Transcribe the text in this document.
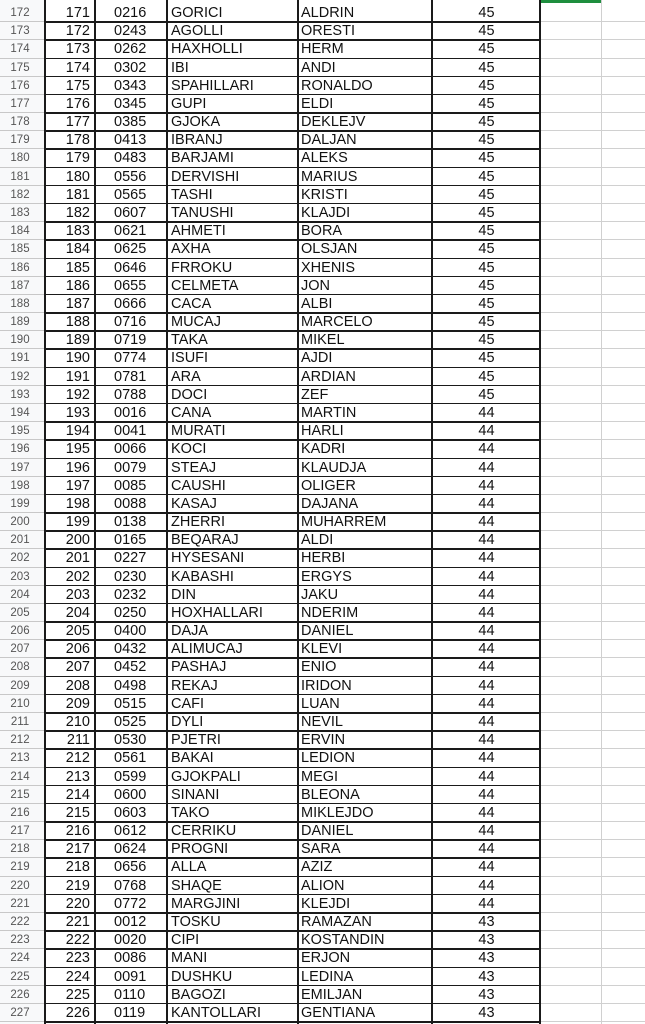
172	171	0216	GORICI	ALDRIN	45
173	172	0243	AGOLLI	ORESTI	45
174	173	0262	HAXHOLLI	HERM	45
175	174	0302	IBI	ANDI	45
176	175	0343	SPAHILLARI	RONALDO	45
177	176	0345	GUPI	ELDI	45
178	177	0385	GJOKA	DEKLEJV	45
179	178	0413	IBRANJ	DALJAN	45
180	179	0483	BARJAMI	ALEKS	45
181	180	0556	DERVISHI	MARIUS	45
182	181	0565	TASHI	KRISTI	45
183	182	0607	TANUSHI	KLAJDI	45
184	183	0621	AHMETI	BORA	45
185	184	0625	AXHA	OLSJAN	45
186	185	0646	FRROKU	XHENIS	45
187	186	0655	CELMETA	JON	45
188	187	0666	CACA	ALBI	45
189	188	0716	MUCAJ	MARCELO	45
190	189	0719	TAKA	MIKEL	45
191	190	0774	ISUFI	AJDI	45
192	191	0781	ARA	ARDIAN	45
193	192	0788	DOCI	ZEF	45
194	193	0016	CANA	MARTIN	44
195	194	0041	MURATI	HARLI	44
196	195	0066	KOCI	KADRI	44
197	196	0079	STEAJ	KLAUDJA	44
198	197	0085	CAUSHI	OLIGER	44
199	198	0088	KASAJ	DAJANA	44
200	199	0138	ZHERRI	MUHARREM	44
201	200	0165	BEQARAJ	ALDI	44
202	201	0227	HYSESANI	HERBI	44
203	202	0230	KABASHI	ERGYS	44
204	203	0232	DIN	JAKU	44
205	204	0250	HOXHALLARI	NDERIM	44
206	205	0400	DAJA	DANIEL	44
207	206	0432	ALIMUCAJ	KLEVI	44
208	207	0452	PASHAJ	ENIO	44
209	208	0498	REKAJ	IRIDON	44
210	209	0515	CAFI	LUAN	44
211	210	0525	DYLI	NEVIL	44
212	211	0530	PJETRI	ERVIN	44
213	212	0561	BAKAI	LEDION	44
214	213	0599	GJOKPALI	MEGI	44
215	214	0600	SINANI	BLEONA	44
216	215	0603	TAKO	MIKLEJDO	44
217	216	0612	CERRIKU	DANIEL	44
218	217	0624	PROGNI	SARA	44
219	218	0656	ALLA	AZIZ	44
220	219	0768	SHAQE	ALION	44
221	220	0772	MARGJINI	KLEJDI	44
222	221	0012	TOSKU	RAMAZAN	43
223	222	0020	CIPI	KOSTANDIN	43
224	223	0086	MANI	ERJON	43
225	224	0091	DUSHKU	LEDINA	43
226	225	0110	BAGOZI	EMILJAN	43
227	226	0119	KANTOLLARI	GENTIANA	43
